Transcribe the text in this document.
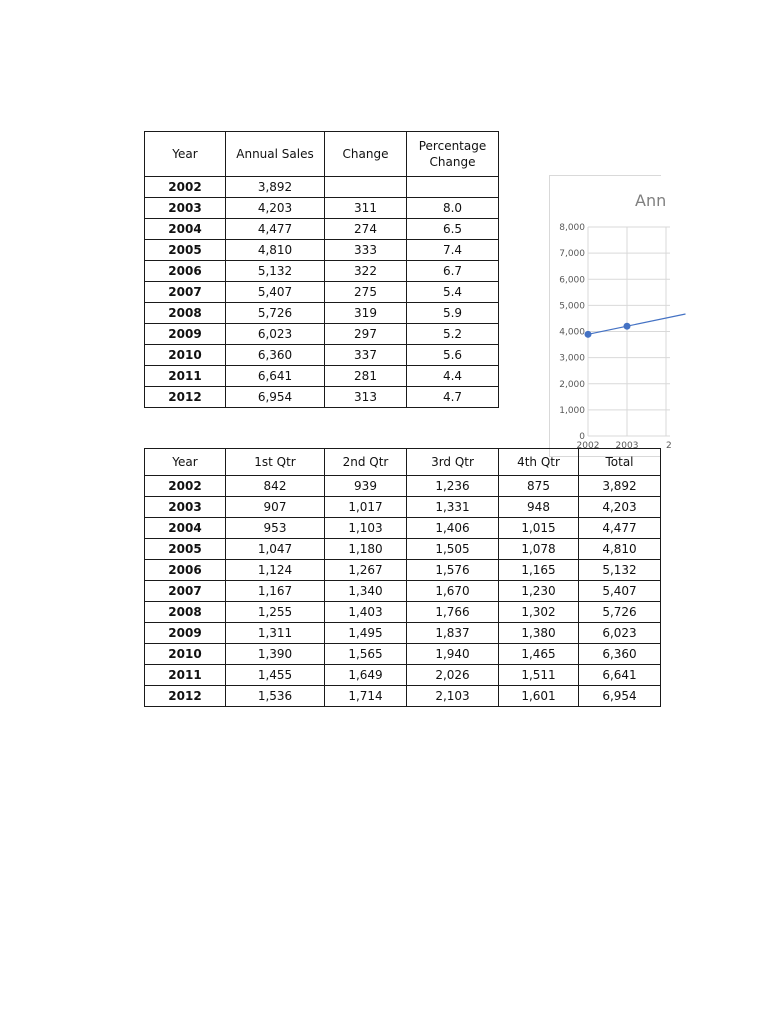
Year	Annual Sales	Change	Percentage Change
2002	3,892		
2003	4,203	311	8.0
2004	4,477	274	6.5
2005	4,810	333	7.4
2006	5,132	322	6.7
2007	5,407	275	5.4
2008	5,726	319	5.9
2009	6,023	297	5.2
2010	6,360	337	5.6
2011	6,641	281	4.4
2012	6,954	313	4.7
Ann
0
1,000
2,000
3,000
4,000
5,000
6,000
7,000
8,000
2002 2003	2
Year	1st Qtr	2nd Qtr	3rd Qtr	4th Qtr	Total
2002	842	939	1,236	875	3,892
2003	907	1,017	1,331	948	4,203
2004	953	1,103	1,406	1,015	4,477
2005	1,047	1,180	1,505	1,078	4,810
2006	1,124	1,267	1,576	1,165	5,132
2007	1,167	1,340	1,670	1,230	5,407
2008	1,255	1,403	1,766	1,302	5,726
2009	1,311	1,495	1,837	1,380	6,023
2010	1,390	1,565	1,940	1,465	6,360
2011	1,455	1,649	2,026	1,511	6,641
2012	1,536	1,714	2,103	1,601	6,954
